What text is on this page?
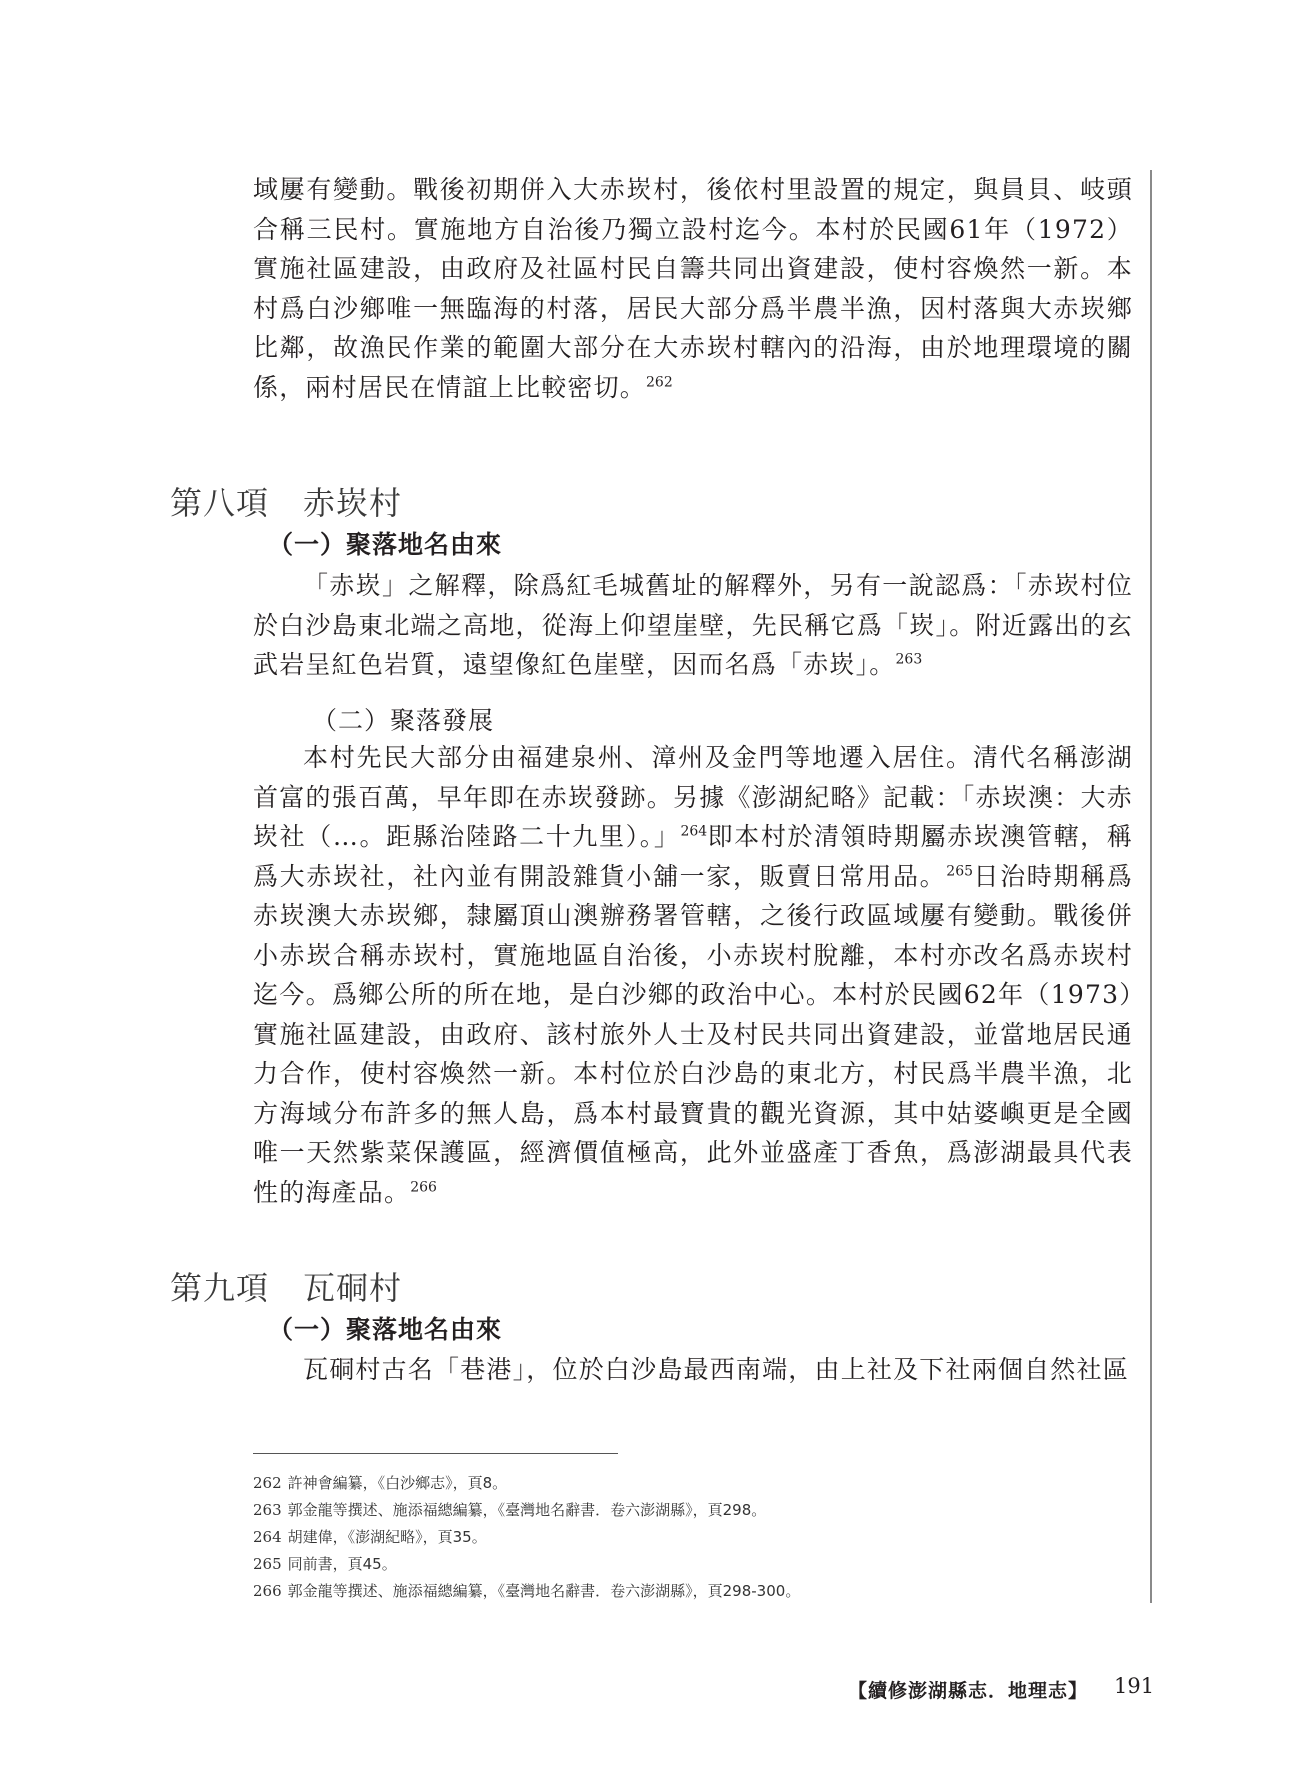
域屢有變動。戰後初期併入大赤崁村，後依村里設置的規定，與員貝、岐頭合稱三民村。實施地方自治後乃獨立設村迄今。本村於民國61年（1972）實施社區建設，由政府及社區村民自籌共同出資建設，使村容煥然一新。本村爲白沙鄉唯一無臨海的村落，居民大部分爲半農半漁，因村落與大赤崁鄉比鄰，故漁民作業的範圍大部分在大赤崁村轄內的沿海，由於地理環境的關係，兩村居民在情誼上比較密切。$^{262}$

第八項 赤崁村
（一）聚落地名由來

「赤崁」之解釋，除爲紅毛城舊址的解釋外，另有一說認爲：「赤崁村位於白沙島東北端之高地，從海上仰望崖壁，先民稱它爲「崁」。附近露出的玄武岩呈紅色岩質，遠望像紅色崖壁，因而名爲「赤崁」。$^{263}$

（二）聚落發展

本村先民大部分由福建泉州、漳州及金門等地遷入居住。清代名稱澎湖首富的張百萬，早年即在赤崁發跡。另據《澎湖紀略》記載：「赤崁澳：大赤崁社（…。距縣治陸路二十九里）。」$^{264}$即本村於清領時期屬赤崁澳管轄，稱爲大赤崁社，社內並有開設雜貨小舖一家，販賣日常用品。$^{265}$日治時期稱爲赤崁澳大赤崁鄉，隸屬頂山澳辦務署管轄，之後行政區域屢有變動。戰後併小赤崁合稱赤崁村，實施地區自治後，小赤崁村脫離，本村亦改名爲赤崁村迄今。爲鄉公所的所在地，是白沙鄉的政治中心。本村於民國62年（1973）實施社區建設，由政府、該村旅外人士及村民共同出資建設，並當地居民通力合作，使村容煥然一新。本村位於白沙島的東北方，村民爲半農半漁，北方海域分布許多的無人島，爲本村最寶貴的觀光資源，其中姑婆嶼更是全國唯一天然紫菜保護區，經濟價值極高，此外並盛產丁香魚，爲澎湖最具代表性的海產品。$^{266}$

第九項 瓦硐村
（一）聚落地名由來

瓦硐村古名「巷港」，位於白沙島最西南端，由上社及下社兩個自然社區

262 許神會編纂，《白沙鄉志》，頁8。
263 郭金龍等撰述、施添福總編纂，《臺灣地名辭書．卷六澎湖縣》，頁298。
264 胡建偉，《澎湖紀略》，頁35。
265 同前書，頁45。
266 郭金龍等撰述、施添福總編纂，《臺灣地名辭書．卷六澎湖縣》，頁298-300。
【續修澎湖縣志．地理志】 191
